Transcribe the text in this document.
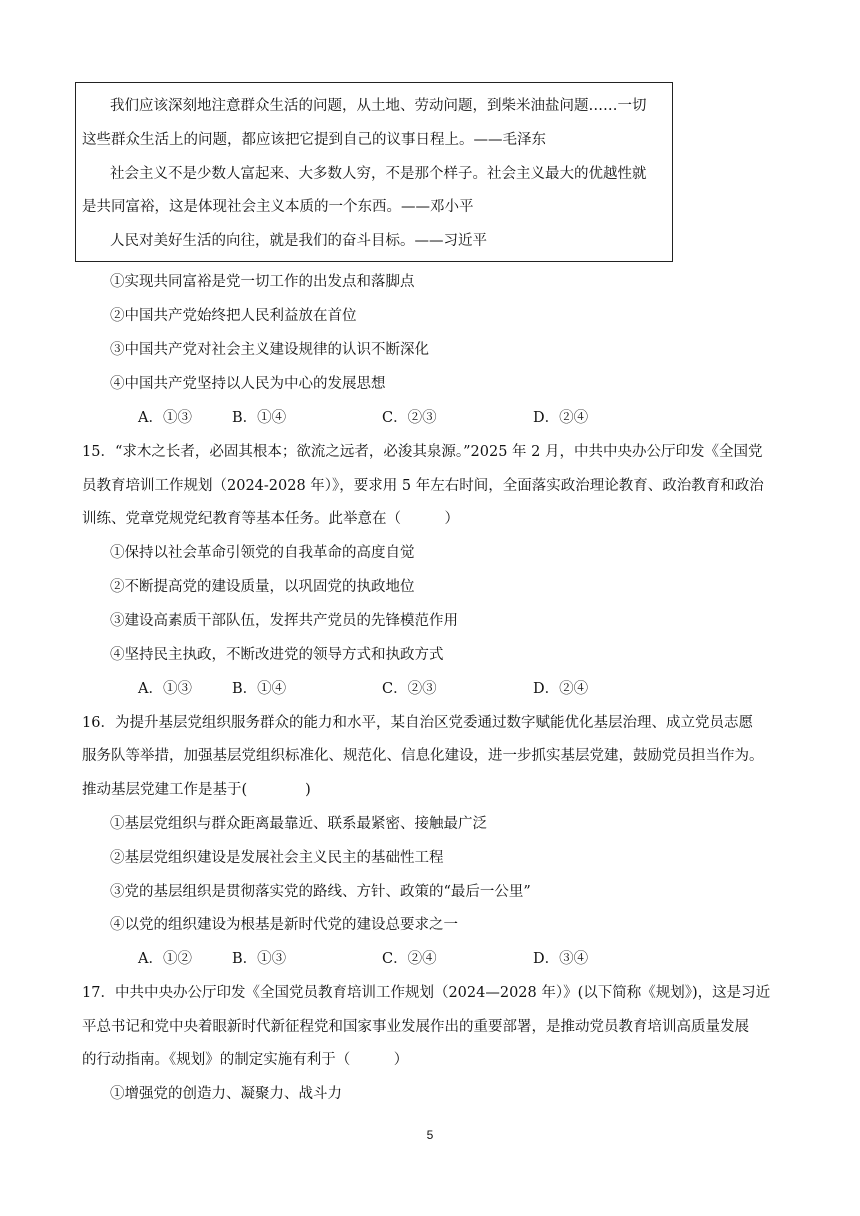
我们应该深刻地注意群众生活的问题，从土地、劳动问题，到柴米油盐问题……一切
这些群众生活上的问题，都应该把它提到自己的议事日程上。——毛泽东
社会主义不是少数人富起来、大多数人穷，不是那个样子。社会主义最大的优越性就
是共同富裕，这是体现社会主义本质的一个东西。——邓小平
人民对美好生活的向往，就是我们的奋斗目标。——习近平
①实现共同富裕是党一切工作的出发点和落脚点
②中国共产党始终把人民利益放在首位
③中国共产党对社会主义建设规律的认识不断深化
④中国共产党坚持以人民为中心的发展思想
A．①③	B．①④	C．②③	D．②④
15．“求木之长者，必固其根本；欲流之远者，必浚其泉源。”2025 年 2 月，中共中央办公厅印发《全国党
员教育培训工作规划（2024-2028 年）》，要求用 5 年左右时间，全面落实政治理论教育、政治教育和政治
训练、党章党规党纪教育等基本任务。此举意在（　　　）
①保持以社会革命引领党的自我革命的高度自觉
②不断提高党的建设质量，以巩固党的执政地位
③建设高素质干部队伍，发挥共产党员的先锋模范作用
④坚持民主执政，不断改进党的领导方式和执政方式
A．①③	B．①④	C．②③	D．②④
16．为提升基层党组织服务群众的能力和水平，某自治区党委通过数字赋能优化基层治理、成立党员志愿
服务队等举措，加强基层党组织标准化、规范化、信息化建设，进一步抓实基层党建，鼓励党员担当作为。
推动基层党建工作是基于(　　　　)
①基层党组织与群众距离最靠近、联系最紧密、接触最广泛
②基层党组织建设是发展社会主义民主的基础性工程
③党的基层组织是贯彻落实党的路线、方针、政策的“最后一公里”
④以党的组织建设为根基是新时代党的建设总要求之一
A．①②	B．①③	C．②④	D．③④
17．中共中央办公厅印发《全国党员教育培训工作规划（2024—2028 年）》(以下简称《规划》)，这是习近
平总书记和党中央着眼新时代新征程党和国家事业发展作出的重要部署，是推动党员教育培训高质量发展
的行动指南。《规划》的制定实施有利于（　　　）
①增强党的创造力、凝聚力、战斗力
5
